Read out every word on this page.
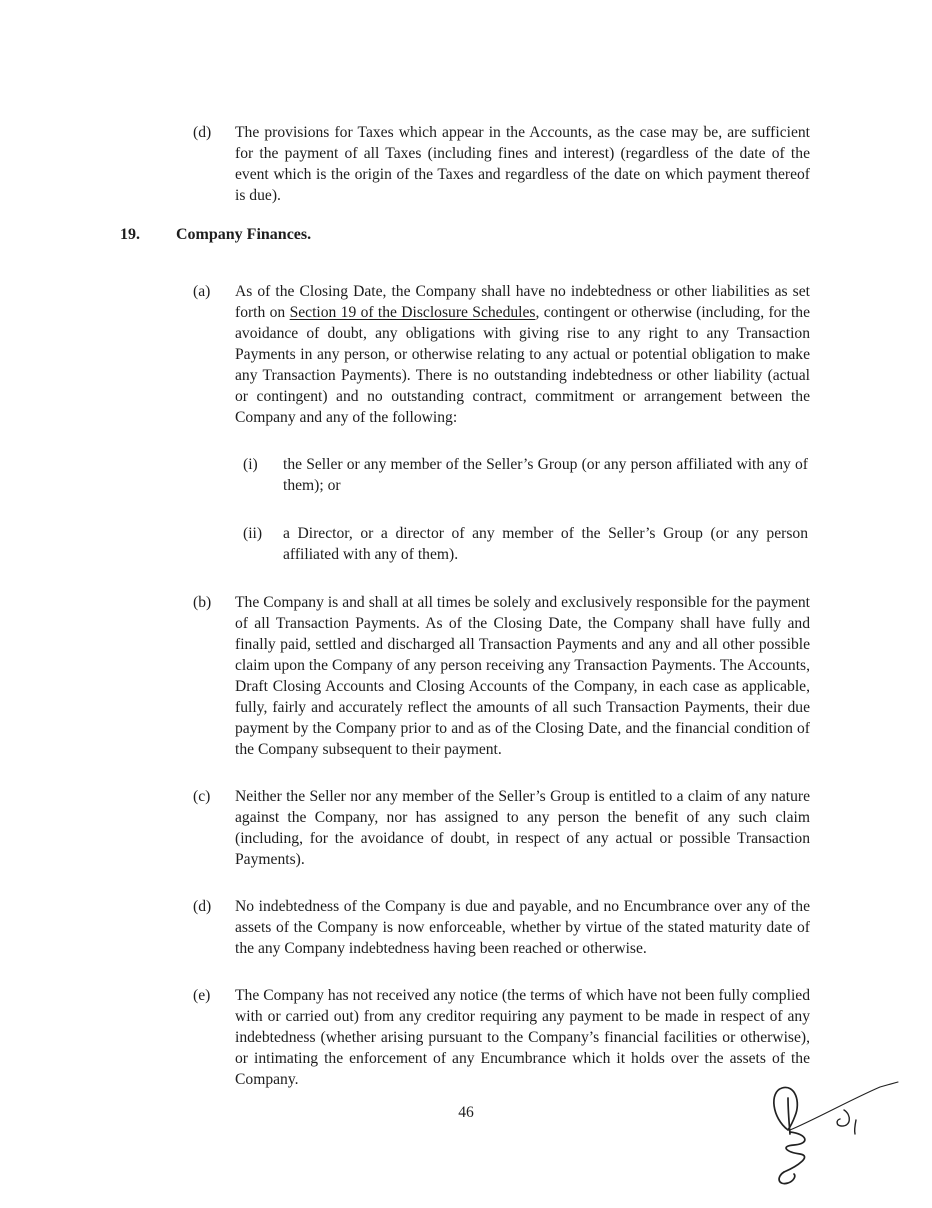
(d)	The provisions for Taxes which appear in the Accounts, as the case may be, are sufficient for the payment of all Taxes (including fines and interest) (regardless of the date of the event which is the origin of the Taxes and regardless of the date on which payment thereof is due).
19.	Company Finances.
(a)	As of the Closing Date, the Company shall have no indebtedness or other liabilities as set forth on Section 19 of the Disclosure Schedules, contingent or otherwise (including, for the avoidance of doubt, any obligations with giving rise to any right to any Transaction Payments in any person, or otherwise relating to any actual or potential obligation to make any Transaction Payments). There is no outstanding indebtedness or other liability (actual or contingent) and no outstanding contract, commitment or arrangement between the Company and any of the following:
(i)	the Seller or any member of the Seller’s Group (or any person affiliated with any of them); or
(ii)	a Director, or a director of any member of the Seller’s Group (or any person affiliated with any of them).
(b)	The Company is and shall at all times be solely and exclusively responsible for the payment of all Transaction Payments. As of the Closing Date, the Company shall have fully and finally paid, settled and discharged all Transaction Payments and any and all other possible claim upon the Company of any person receiving any Transaction Payments. The Accounts, Draft Closing Accounts and Closing Accounts of the Company, in each case as applicable, fully, fairly and accurately reflect the amounts of all such Transaction Payments, their due payment by the Company prior to and as of the Closing Date, and the financial condition of the Company subsequent to their payment.
(c)	Neither the Seller nor any member of the Seller’s Group is entitled to a claim of any nature against the Company, nor has assigned to any person the benefit of any such claim (including, for the avoidance of doubt, in respect of any actual or possible Transaction Payments).
(d)	No indebtedness of the Company is due and payable, and no Encumbrance over any of the assets of the Company is now enforceable, whether by virtue of the stated maturity date of the any Company indebtedness having been reached or otherwise.
(e)	The Company has not received any notice (the terms of which have not been fully complied with or carried out) from any creditor requiring any payment to be made in respect of any indebtedness (whether arising pursuant to the Company’s financial facilities or otherwise), or intimating the enforcement of any Encumbrance which it holds over the assets of the Company.
46
